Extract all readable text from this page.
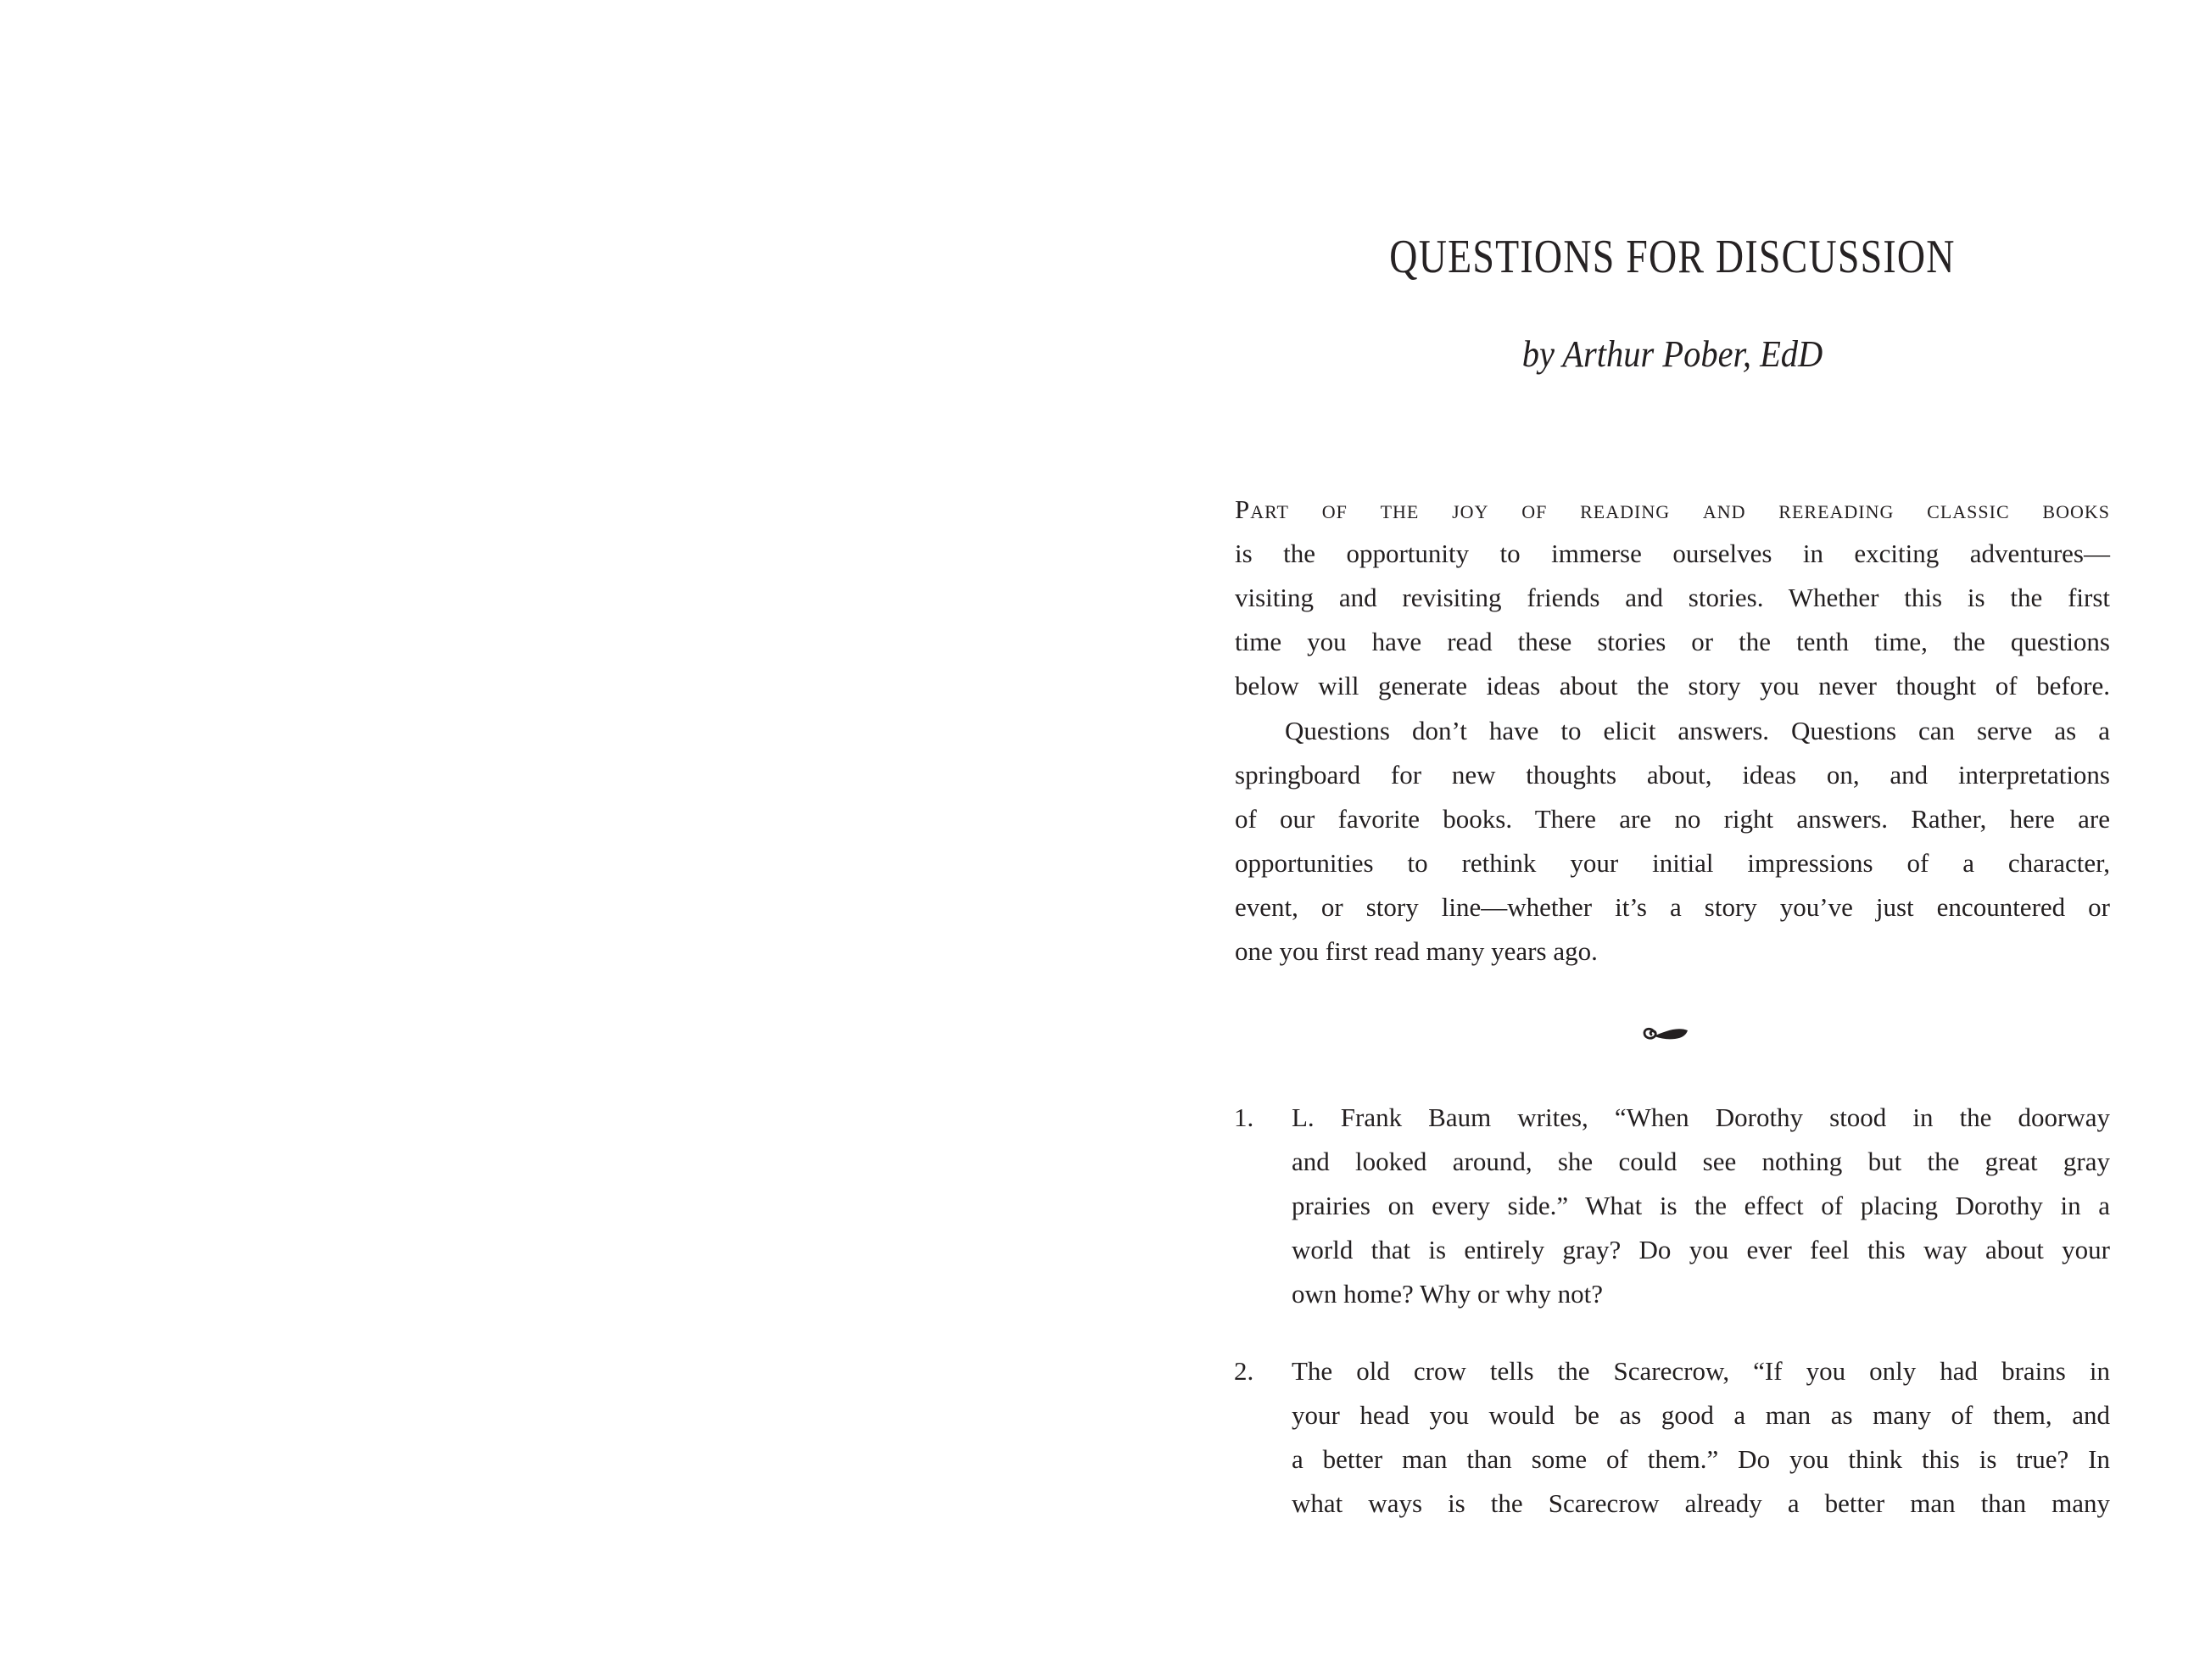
QUESTIONS FOR DISCUSSION
by Arthur Pober, EdD
Part of the joy of reading and rereading classic books
is the opportunity to immerse ourselves in exciting adventures—
visiting and revisiting friends and stories. Whether this is the first
time you have read these stories or the tenth time, the questions
below will generate ideas about the story you never thought of before.
Questions don’t have to elicit answers. Questions can serve as a
springboard for new thoughts about, ideas on, and interpretations
of our favorite books. There are no right answers. Rather, here are
opportunities to rethink your initial impressions of a character,
event, or story line—whether it’s a story you’ve just encountered or
one you first read many years ago.
1.	L. Frank Baum writes, “When Dorothy stood in the doorway
and looked around, she could see nothing but the great gray
prairies on every side.” What is the effect of placing Dorothy in a
world that is entirely gray? Do you ever feel this way about your
own home? Why or why not?
2.	The old crow tells the Scarecrow, “If you only had brains in
your head you would be as good a man as many of them, and
a better man than some of them.” Do you think this is true? In
what ways is the Scarecrow already a better man than many
